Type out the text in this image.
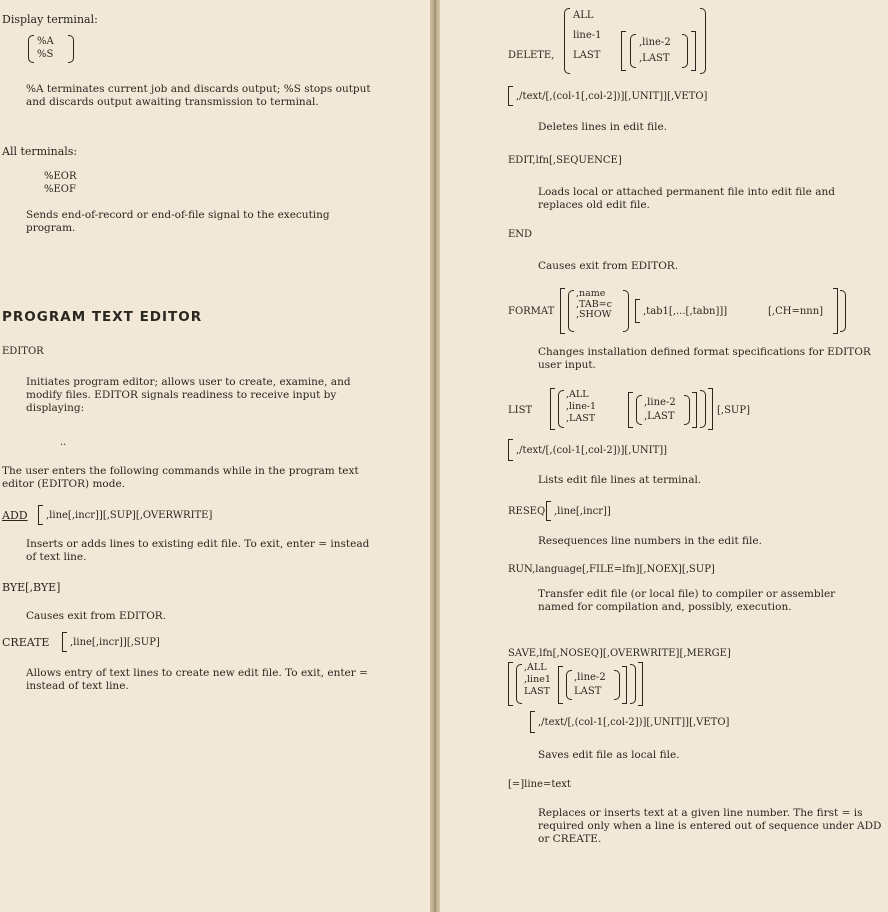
Display terminal:
%A
%S
%A terminates current job and discards output; %S stops output and discards output awaiting transmission to terminal.
All terminals:
%EOR
%EOF
Sends end-of-record or end-of-file signal to the executing program.
PROGRAM TEXT EDITOR
EDITOR
Initiates program editor; allows user to create, examine, and modify files. EDITOR signals readiness to receive input by displaying:
..
The user enters the following commands while in the program text editor (EDITOR) mode.
ADD	,line[,incr]][,SUP][,OVERWRITE]
Inserts or adds lines to existing edit file. To exit, enter = instead of text line.
BYE[,BYE]
Causes exit from EDITOR.
CREATE ,line[,incr]][,SUP]
Allows entry of text lines to create new edit file. To exit, enter = instead of text line.
DELETE,
ALL
line-1
LAST
,line-2
,LAST
,/text/[,(col-1[,col-2])][,UNIT]][,VETO]
Deletes lines in edit file.
EDIT,lfn[,SEQUENCE]
Loads local or attached permanent file into edit file and replaces old edit file.
END
Causes exit from EDITOR.
FORMAT
,name
,TAB=c
,SHOW	,tab1[,...[,tabn]]]	[,CH=nnn]
Changes installation defined format specifications for EDITOR user input.
LIST
,ALL
,line-1
,LAST
,line-2
,LAST
[,SUP]
,/text/[,(col-1[,col-2])][,UNIT]]
Lists edit file lines at terminal.
RESEQ ,line[,incr]]
Resequences line numbers in the edit file.
RUN,language[,FILE=lfn][,NOEX][,SUP]
Transfer edit file (or local file) to compiler or assembler named for compilation and, possibly, execution.
SAVE,lfn[,NOSEQ][,OVERWRITE][,MERGE]
,ALL
,line1
LAST
,line-2
LAST
,/text/[,(col-1[,col-2])][,UNIT]][,VETO]
Saves edit file as local file.
[=]line=text
Replaces or inserts text at a given line number. The first = is required only when a line is entered out of sequence under ADD or CREATE.
